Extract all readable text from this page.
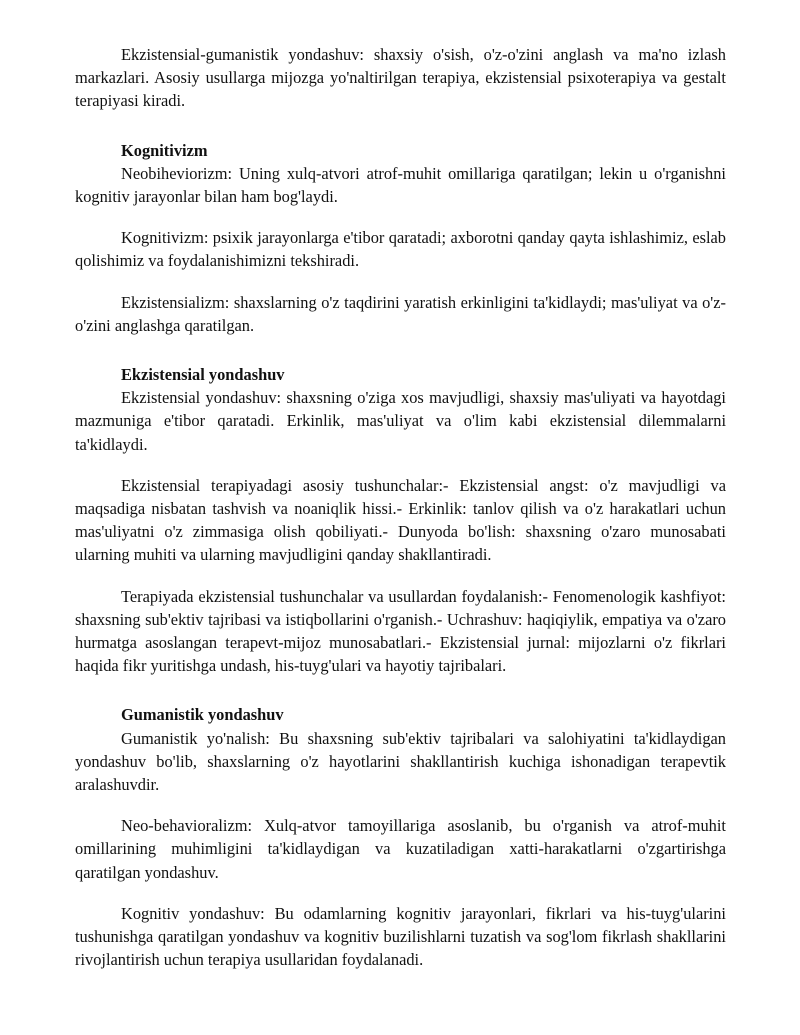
Ekzistensial-gumanistik yondashuv: shaxsiy o'sish, o'z-o'zini anglash va ma'no izlash markazlari. Asosiy usullarga mijozga yo'naltirilgan terapiya, ekzistensial psixoterapiya va gestalt terapiyasi kiradi.

Kognitivizm

Neobiheviorizm: Uning xulq-atvori atrof-muhit omillariga qaratilgan; lekin u o'rganishni kognitiv jarayonlar bilan ham bog'laydi.

Kognitivizm: psixik jarayonlarga e'tibor qaratadi; axborotni qanday qayta ishlashimiz, eslab qolishimiz va foydalanishimizni tekshiradi.

Ekzistensializm: shaxslarning o'z taqdirini yaratish erkinligini ta'kidlaydi; mas'uliyat va o'z-o'zini anglashga qaratilgan.

Ekzistensial yondashuv

Ekzistensial yondashuv: shaxsning o'ziga xos mavjudligi, shaxsiy mas'uliyati va hayotdagi mazmuniga e'tibor qaratadi. Erkinlik, mas'uliyat va o'lim kabi ekzistensial dilemmalarni ta'kidlaydi.

Ekzistensial terapiyadagi asosiy tushunchalar:- Ekzistensial angst: o'z mavjudligi va maqsadiga nisbatan tashvish va noaniqlik hissi.- Erkinlik: tanlov qilish va o'z harakatlari uchun mas'uliyatni o'z zimmasiga olish qobiliyati.- Dunyoda bo'lish: shaxsning o'zaro munosabati ularning muhiti va ularning mavjudligini qanday shakllantiradi.

Terapiyada ekzistensial tushunchalar va usullardan foydalanish:- Fenomenologik kashfiyot: shaxsning sub'ektiv tajribasi va istiqbollarini o'rganish.- Uchrashuv: haqiqiylik, empatiya va o'zaro hurmatga asoslangan terapevt-mijoz munosabatlari.- Ekzistensial jurnal: mijozlarni o'z fikrlari haqida fikr yuritishga undash, his-tuyg'ulari va hayotiy tajribalari.

Gumanistik yondashuv

Gumanistik yo'nalish: Bu shaxsning sub'ektiv tajribalari va salohiyatini ta'kidlaydigan yondashuv bo'lib, shaxslarning o'z hayotlarini shakllantirish kuchiga ishonadigan terapevtik aralashuvdir.

Neo-behavioralizm: Xulq-atvor tamoyillariga asoslanib, bu o'rganish va atrof-muhit omillarining muhimligini ta'kidlaydigan va kuzatiladigan xatti-harakatlarni o'zgartirishga qaratilgan yondashuv.

Kognitiv yondashuv: Bu odamlarning kognitiv jarayonlari, fikrlari va his-tuyg'ularini tushunishga qaratilgan yondashuv va kognitiv buzilishlarni tuzatish va sog'lom fikrlash shakllarini rivojlantirish uchun terapiya usullaridan foydalanadi.
